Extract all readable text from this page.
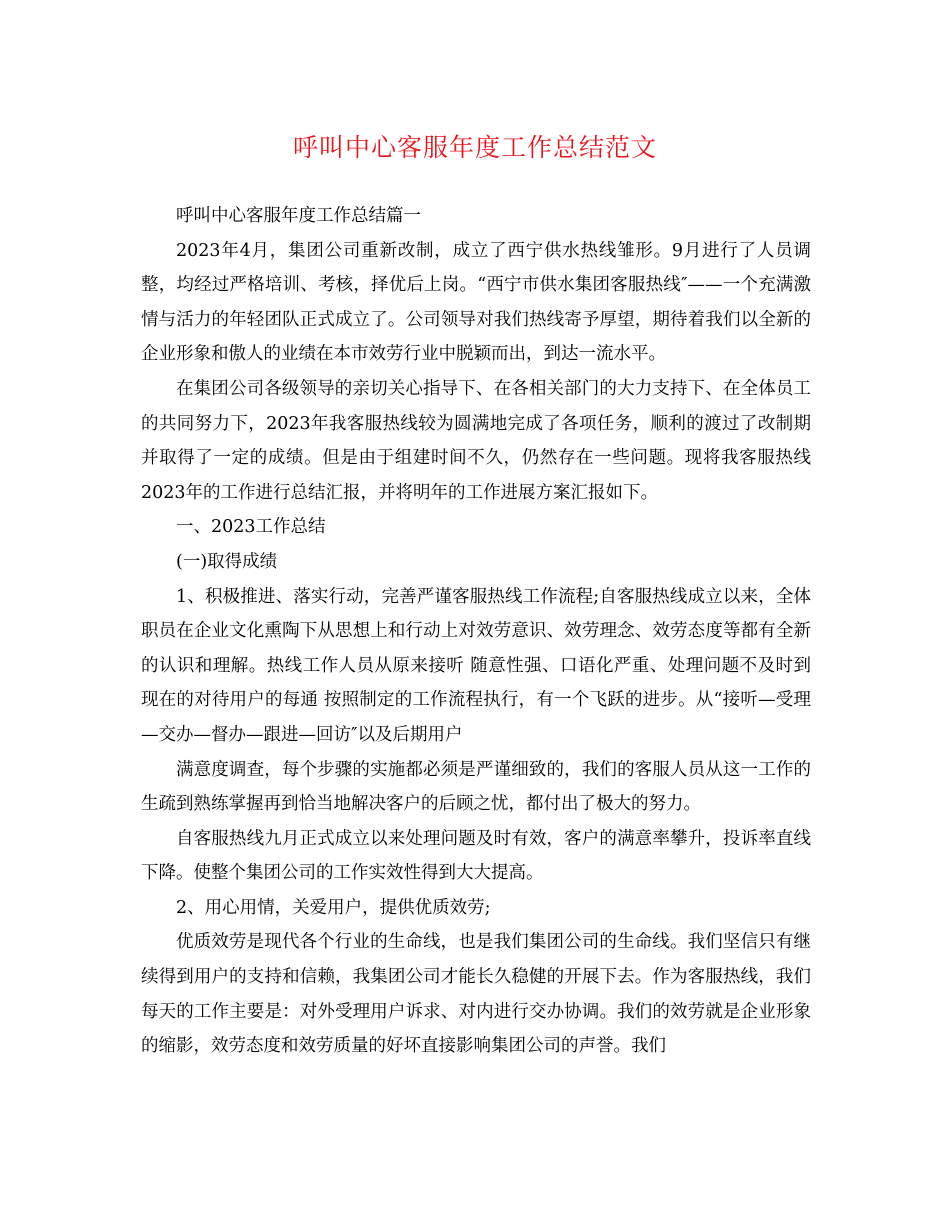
呼叫中心客服年度工作总结范文

呼叫中心客服年度工作总结篇一

2023年4月，集团公司重新改制，成立了西宁供水热线雏形。9月进行了人员调整，均经过严格培训、考核，择优后上岗。“西宁市供水集团客服热线″——一个充满激情与活力的年轻团队正式成立了。公司领导对我们热线寄予厚望，期待着我们以全新的企业形象和傲人的业绩在本市效劳行业中脱颖而出，到达一流水平。

在集团公司各级领导的亲切关心指导下、在各相关部门的大力支持下、在全体员工的共同努力下，2023年我客服热线较为圆满地完成了各项任务，顺利的渡过了改制期并取得了一定的成绩。但是由于组建时间不久，仍然存在一些问题。现将我客服热线2023年的工作进行总结汇报，并将明年的工作进展方案汇报如下。

一、2023工作总结

(一)取得成绩

1、积极推进、落实行动，完善严谨客服热线工作流程;自客服热线成立以来，全体职员在企业文化熏陶下从思想上和行动上对效劳意识、效劳理念、效劳态度等都有全新的认识和理解。热线工作人员从原来接听 随意性强、口语化严重、处理问题不及时到现在的对待用户的每通 按照制定的工作流程执行，有一个飞跃的进步。从“接听—受理—交办—督办—跟进—回访″以及后期用户

满意度调查，每个步骤的实施都必须是严谨细致的，我们的客服人员从这一工作的生疏到熟练掌握再到恰当地解决客户的后顾之忧，都付出了极大的努力。

自客服热线九月正式成立以来处理问题及时有效，客户的满意率攀升，投诉率直线下降。使整个集团公司的工作实效性得到大大提高。

2、用心用情，关爱用户，提供优质效劳;

优质效劳是现代各个行业的生命线，也是我们集团公司的生命线。我们坚信只有继续得到用户的支持和信赖，我集团公司才能长久稳健的开展下去。作为客服热线，我们每天的工作主要是：对外受理用户诉求、对内进行交办协调。我们的效劳就是企业形象的缩影，效劳态度和效劳质量的好坏直接影响集团公司的声誉。我们
